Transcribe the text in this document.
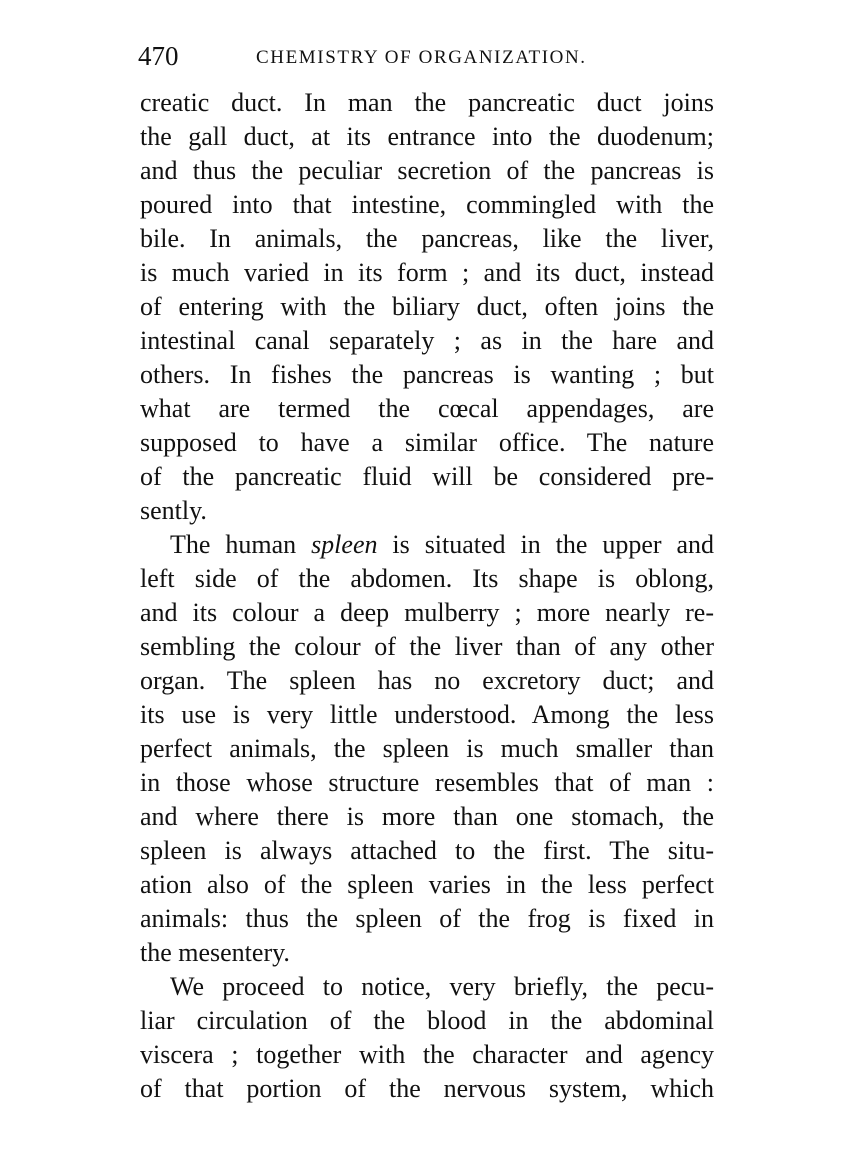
470	CHEMISTRY OF ORGANIZATION.
creatic duct. In man the pancreatic duct joins
the gall duct, at its entrance into the duodenum;
and thus the peculiar secretion of the pancreas is
poured into that intestine, commingled with the
bile. In animals, the pancreas, like the liver,
is much varied in its form ; and its duct, instead
of entering with the biliary duct, often joins the
intestinal canal separately ; as in the hare and
others. In fishes the pancreas is wanting ; but
what are termed the cœcal appendages, are
supposed to have a similar office. The nature
of the pancreatic fluid will be considered pre-
sently.
The human spleen is situated in the upper and
left side of the abdomen. Its shape is oblong,
and its colour a deep mulberry ; more nearly re-
sembling the colour of the liver than of any other
organ. The spleen has no excretory duct; and
its use is very little understood. Among the less
perfect animals, the spleen is much smaller than
in those whose structure resembles that of man :
and where there is more than one stomach, the
spleen is always attached to the first. The situ-
ation also of the spleen varies in the less perfect
animals: thus the spleen of the frog is fixed in
the mesentery.
We proceed to notice, very briefly, the pecu-
liar circulation of the blood in the abdominal
viscera ; together with the character and agency
of that portion of the nervous system, which
